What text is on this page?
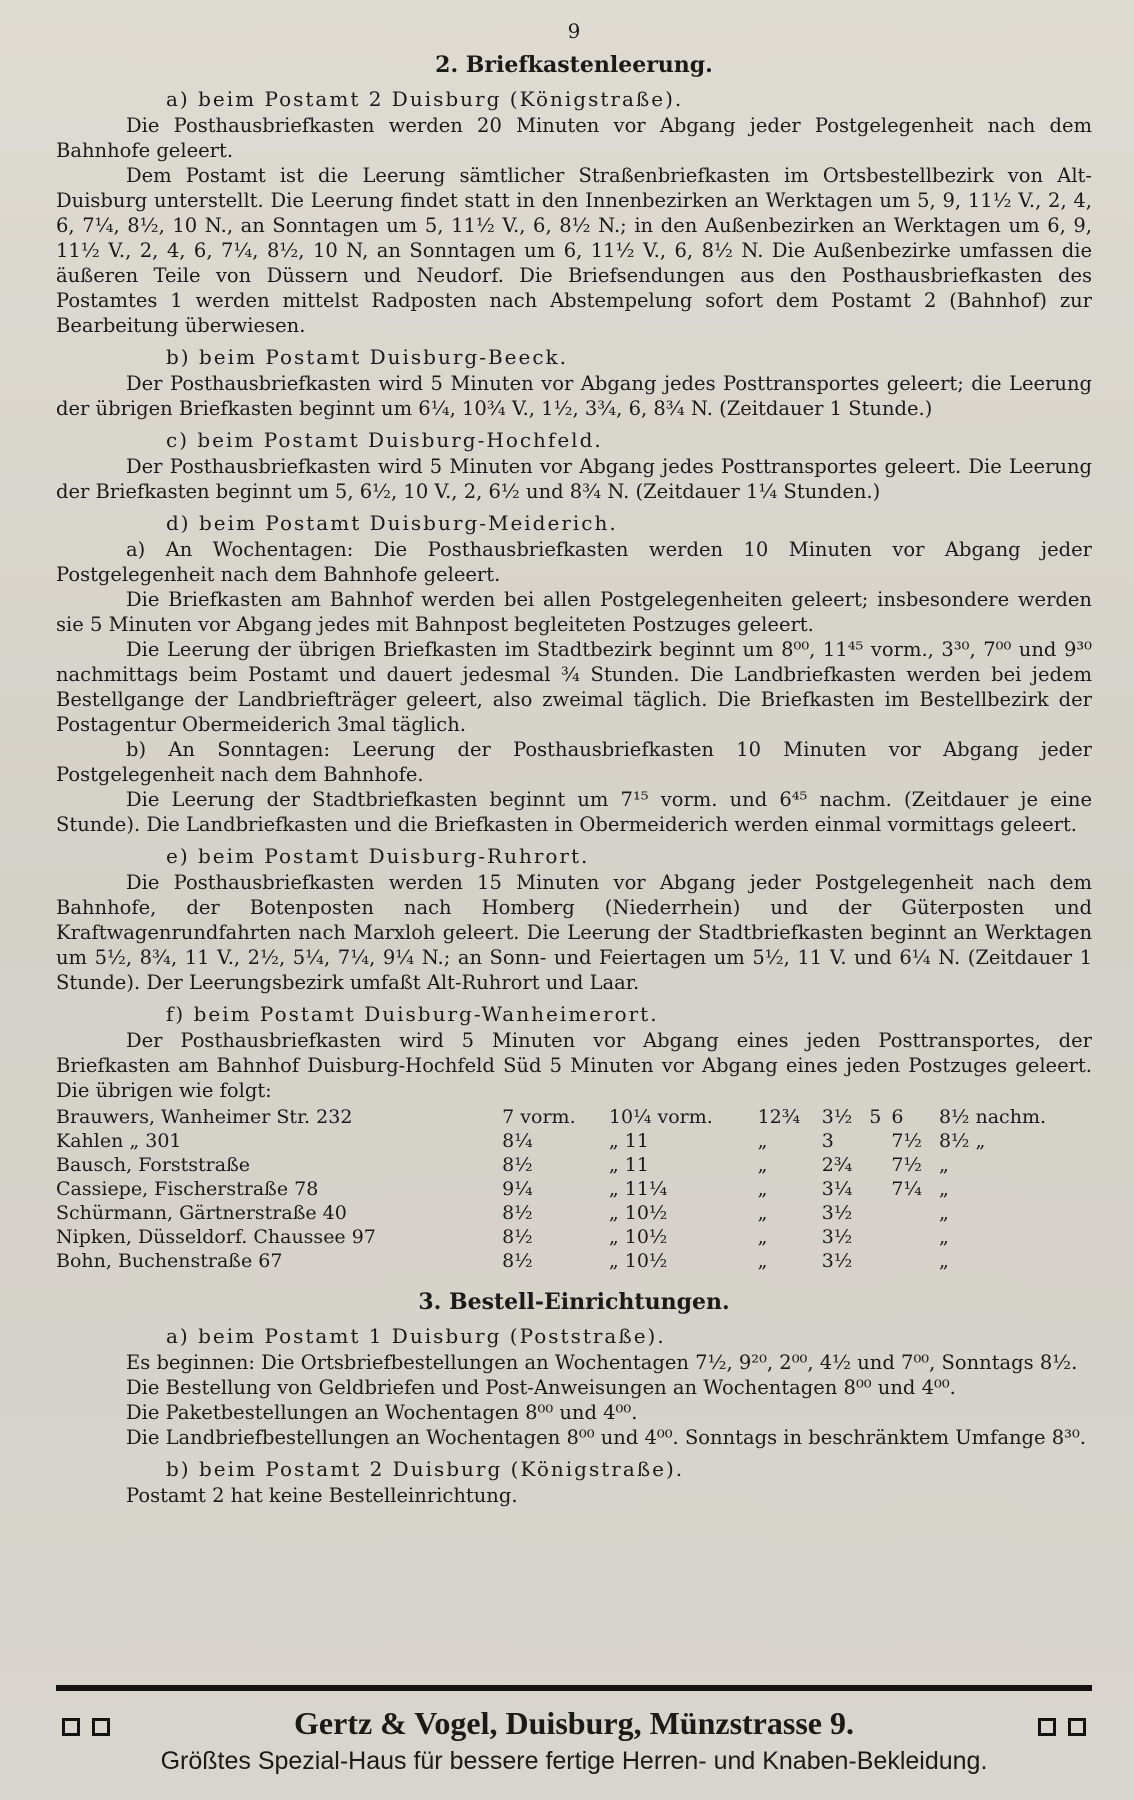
9
2. Briefkastenleerung.
a) beim Postamt 2 Duisburg (Königstraße).

Die Posthausbriefkasten werden 20 Minuten vor Abgang jeder Postgelegenheit nach dem Bahnhofe geleert.

Dem Postamt ist die Leerung sämtlicher Straßenbriefkasten im Ortsbestellbezirk von Alt-Duisburg unterstellt. Die Leerung findet statt in den Innenbezirken an Werktagen um 5, 9, 11½ V., 2, 4, 6, 7¼, 8½, 10 N., an Sonntagen um 5, 11½ V., 6, 8½ N.; in den Außenbezirken an Werktagen um 6, 9, 11½ V., 2, 4, 6, 7¼, 8½, 10 N, an Sonntagen um 6, 11½ V., 6, 8½ N. Die Außenbezirke umfassen die äußeren Teile von Düssern und Neudorf. Die Briefsendungen aus den Posthausbriefkasten des Postamtes 1 werden mittelst Radposten nach Abstempelung sofort dem Postamt 2 (Bahnhof) zur Bearbeitung überwiesen.

b) beim Postamt Duisburg-Beeck.

Der Posthausbriefkasten wird 5 Minuten vor Abgang jedes Posttransportes geleert; die Leerung der übrigen Briefkasten beginnt um 6¼, 10¾ V., 1½, 3¾, 6, 8¾ N. (Zeitdauer 1 Stunde.)

c) beim Postamt Duisburg-Hochfeld.

Der Posthausbriefkasten wird 5 Minuten vor Abgang jedes Posttransportes geleert. Die Leerung der Briefkasten beginnt um 5, 6½, 10 V., 2, 6½ und 8¾ N. (Zeitdauer 1¼ Stunden.)

d) beim Postamt Duisburg-Meiderich.

a) An Wochentagen: Die Posthausbriefkasten werden 10 Minuten vor Abgang jeder Postgelegenheit nach dem Bahnhofe geleert.

Die Briefkasten am Bahnhof werden bei allen Postgelegenheiten geleert; insbesondere werden sie 5 Minuten vor Abgang jedes mit Bahnpost begleiteten Postzuges geleert.

Die Leerung der übrigen Briefkasten im Stadtbezirk beginnt um 8⁰⁰, 11⁴⁵ vorm., 3³⁰, 7⁰⁰ und 9³⁰ nachmittags beim Postamt und dauert jedesmal ¾ Stunden. Die Landbriefkasten werden bei jedem Bestellgange der Landbriefträger geleert, also zweimal täglich. Die Briefkasten im Bestellbezirk der Postagentur Obermeiderich 3mal täglich.

b) An Sonntagen: Leerung der Posthausbriefkasten 10 Minuten vor Abgang jeder Postgelegenheit nach dem Bahnhofe.

Die Leerung der Stadtbriefkasten beginnt um 7¹⁵ vorm. und 6⁴⁵ nachm. (Zeitdauer je eine Stunde). Die Landbriefkasten und die Briefkasten in Obermeiderich werden einmal vormittags geleert.

e) beim Postamt Duisburg-Ruhrort.

Die Posthausbriefkasten werden 15 Minuten vor Abgang jeder Postgelegenheit nach dem Bahnhofe, der Botenposten nach Homberg (Niederrhein) und der Güterposten und Kraftwagenrundfahrten nach Marxloh geleert. Die Leerung der Stadtbriefkasten beginnt an Werktagen um 5½, 8¾, 11 V., 2½, 5¼, 7¼, 9¼ N.; an Sonn- und Feiertagen um 5½, 11 V. und 6¼ N. (Zeitdauer 1 Stunde). Der Leerungsbezirk umfaßt Alt-Ruhrort und Laar.

f) beim Postamt Duisburg-Wanheimerort.

Der Posthausbriefkasten wird 5 Minuten vor Abgang eines jeden Posttransportes, der Briefkasten am Bahnhof Duisburg-Hochfeld Süd 5 Minuten vor Abgang eines jeden Postzuges geleert. Die übrigen wie folgt:

Brauwers, Wanheimer Str. 232	7 vorm.	10¼ vorm.	12¾	3½	5	6	8½ nachm.
Kahlen „ 301	8¼	„ 11	„	3		7½	8½ „
Bausch, Forststraße	8½	„ 11	„	2¾		7½	„
Cassiepe, Fischerstraße 78	9¼	„ 11¼	„	3¼		7¼	„
Schürmann, Gärtnerstraße 40	8½	„ 10½	„	3½			„
Nipken, Düsseldorf. Chaussee 97	8½	„ 10½	„	3½			„
Bohn, Buchenstraße 67	8½	„ 10½	„	3½			„
3. Bestell-Einrichtungen.
a) beim Postamt 1 Duisburg (Poststraße).

Es beginnen: Die Ortsbriefbestellungen an Wochentagen 7½, 9²⁰, 2⁰⁰, 4½ und 7⁰⁰, Sonntags 8½.

Die Bestellung von Geldbriefen und Post-Anweisungen an Wochentagen 8⁰⁰ und 4⁰⁰.

Die Paketbestellungen an Wochentagen 8⁰⁰ und 4⁰⁰.

Die Landbriefbestellungen an Wochentagen 8⁰⁰ und 4⁰⁰. Sonntags in beschränktem Umfange 8³⁰.

b) beim Postamt 2 Duisburg (Königstraße).

Postamt 2 hat keine Bestelleinrichtung.

Gertz & Vogel, Duisburg, Münzstrasse 9.
Größtes Spezial-Haus für bessere fertige Herren- und Knaben-Bekleidung.
